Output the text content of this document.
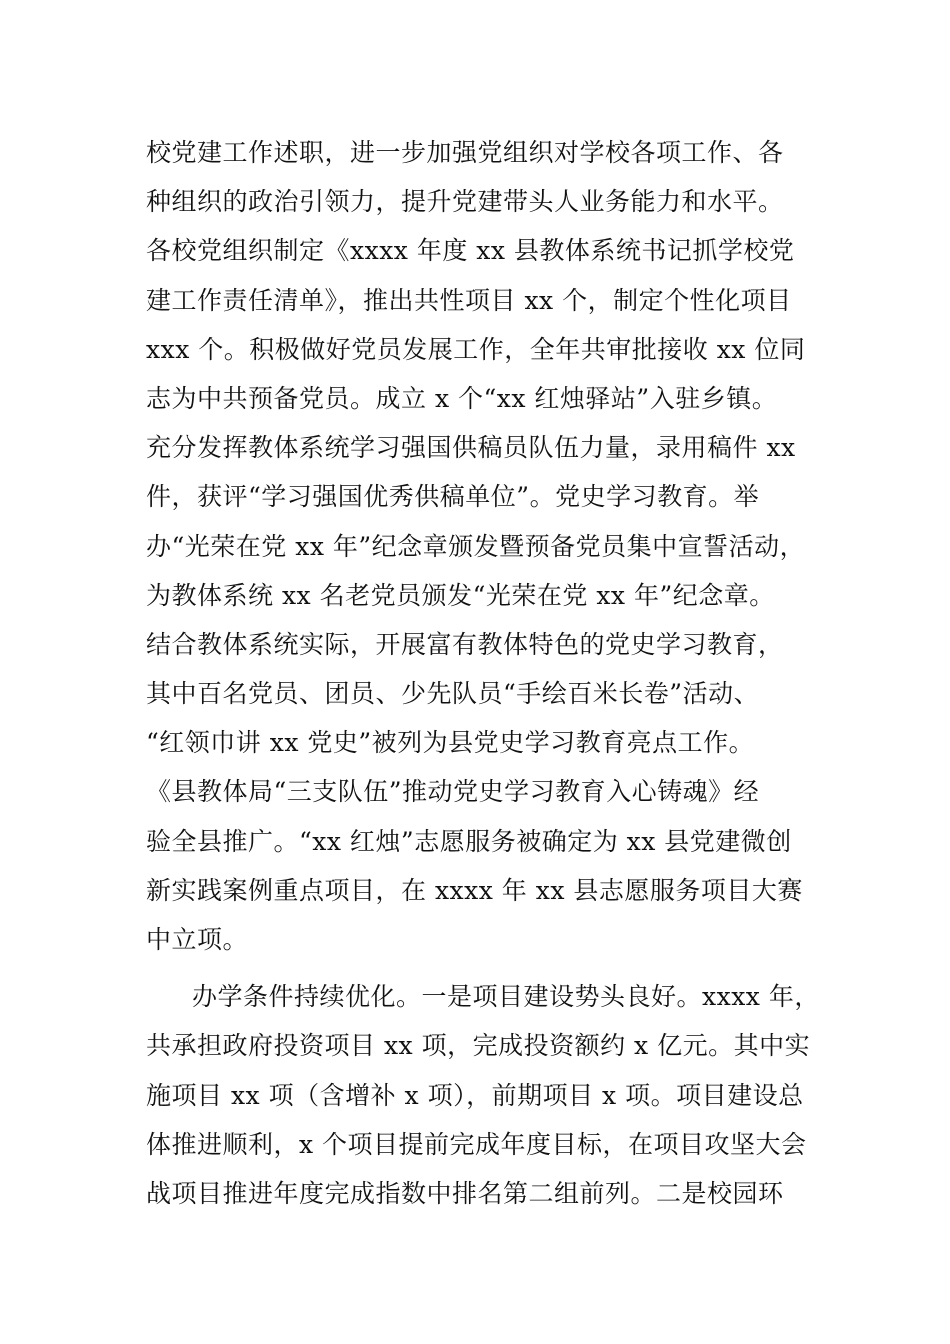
校党建工作述职，进一步加强党组织对学校各项工作、各
种组织的政治引领力，提升党建带头人业务能力和水平。
各校党组织制定《xxxx 年度 xx 县教体系统书记抓学校党
建工作责任清单》，推出共性项目 xx 个，制定个性化项目
xxx 个。积极做好党员发展工作，全年共审批接收 xx 位同
志为中共预备党员。成立 x 个“xx 红烛驿站”入驻乡镇。
充分发挥教体系统学习强国供稿员队伍力量，录用稿件 xx
件，获评“学习强国优秀供稿单位”。党史学习教育。举
办“光荣在党 xx 年”纪念章颁发暨预备党员集中宣誓活动，
为教体系统 xx 名老党员颁发“光荣在党 xx 年”纪念章。
结合教体系统实际，开展富有教体特色的党史学习教育，
其中百名党员、团员、少先队员“手绘百米长卷”活动、
“红领巾讲 xx 党史”被列为县党史学习教育亮点工作。
《县教体局“三支队伍”推动党史学习教育入心铸魂》经
验全县推广。“xx 红烛”志愿服务被确定为 xx 县党建微创
新实践案例重点项目，在 xxxx 年 xx 县志愿服务项目大赛
中立项。
办学条件持续优化。一是项目建设势头良好。xxxx 年，
共承担政府投资项目 xx 项，完成投资额约 x 亿元。其中实
施项目 xx 项（含增补 x 项），前期项目 x 项。项目建设总
体推进顺利，x 个项目提前完成年度目标，在项目攻坚大会
战项目推进年度完成指数中排名第二组前列。二是校园环
